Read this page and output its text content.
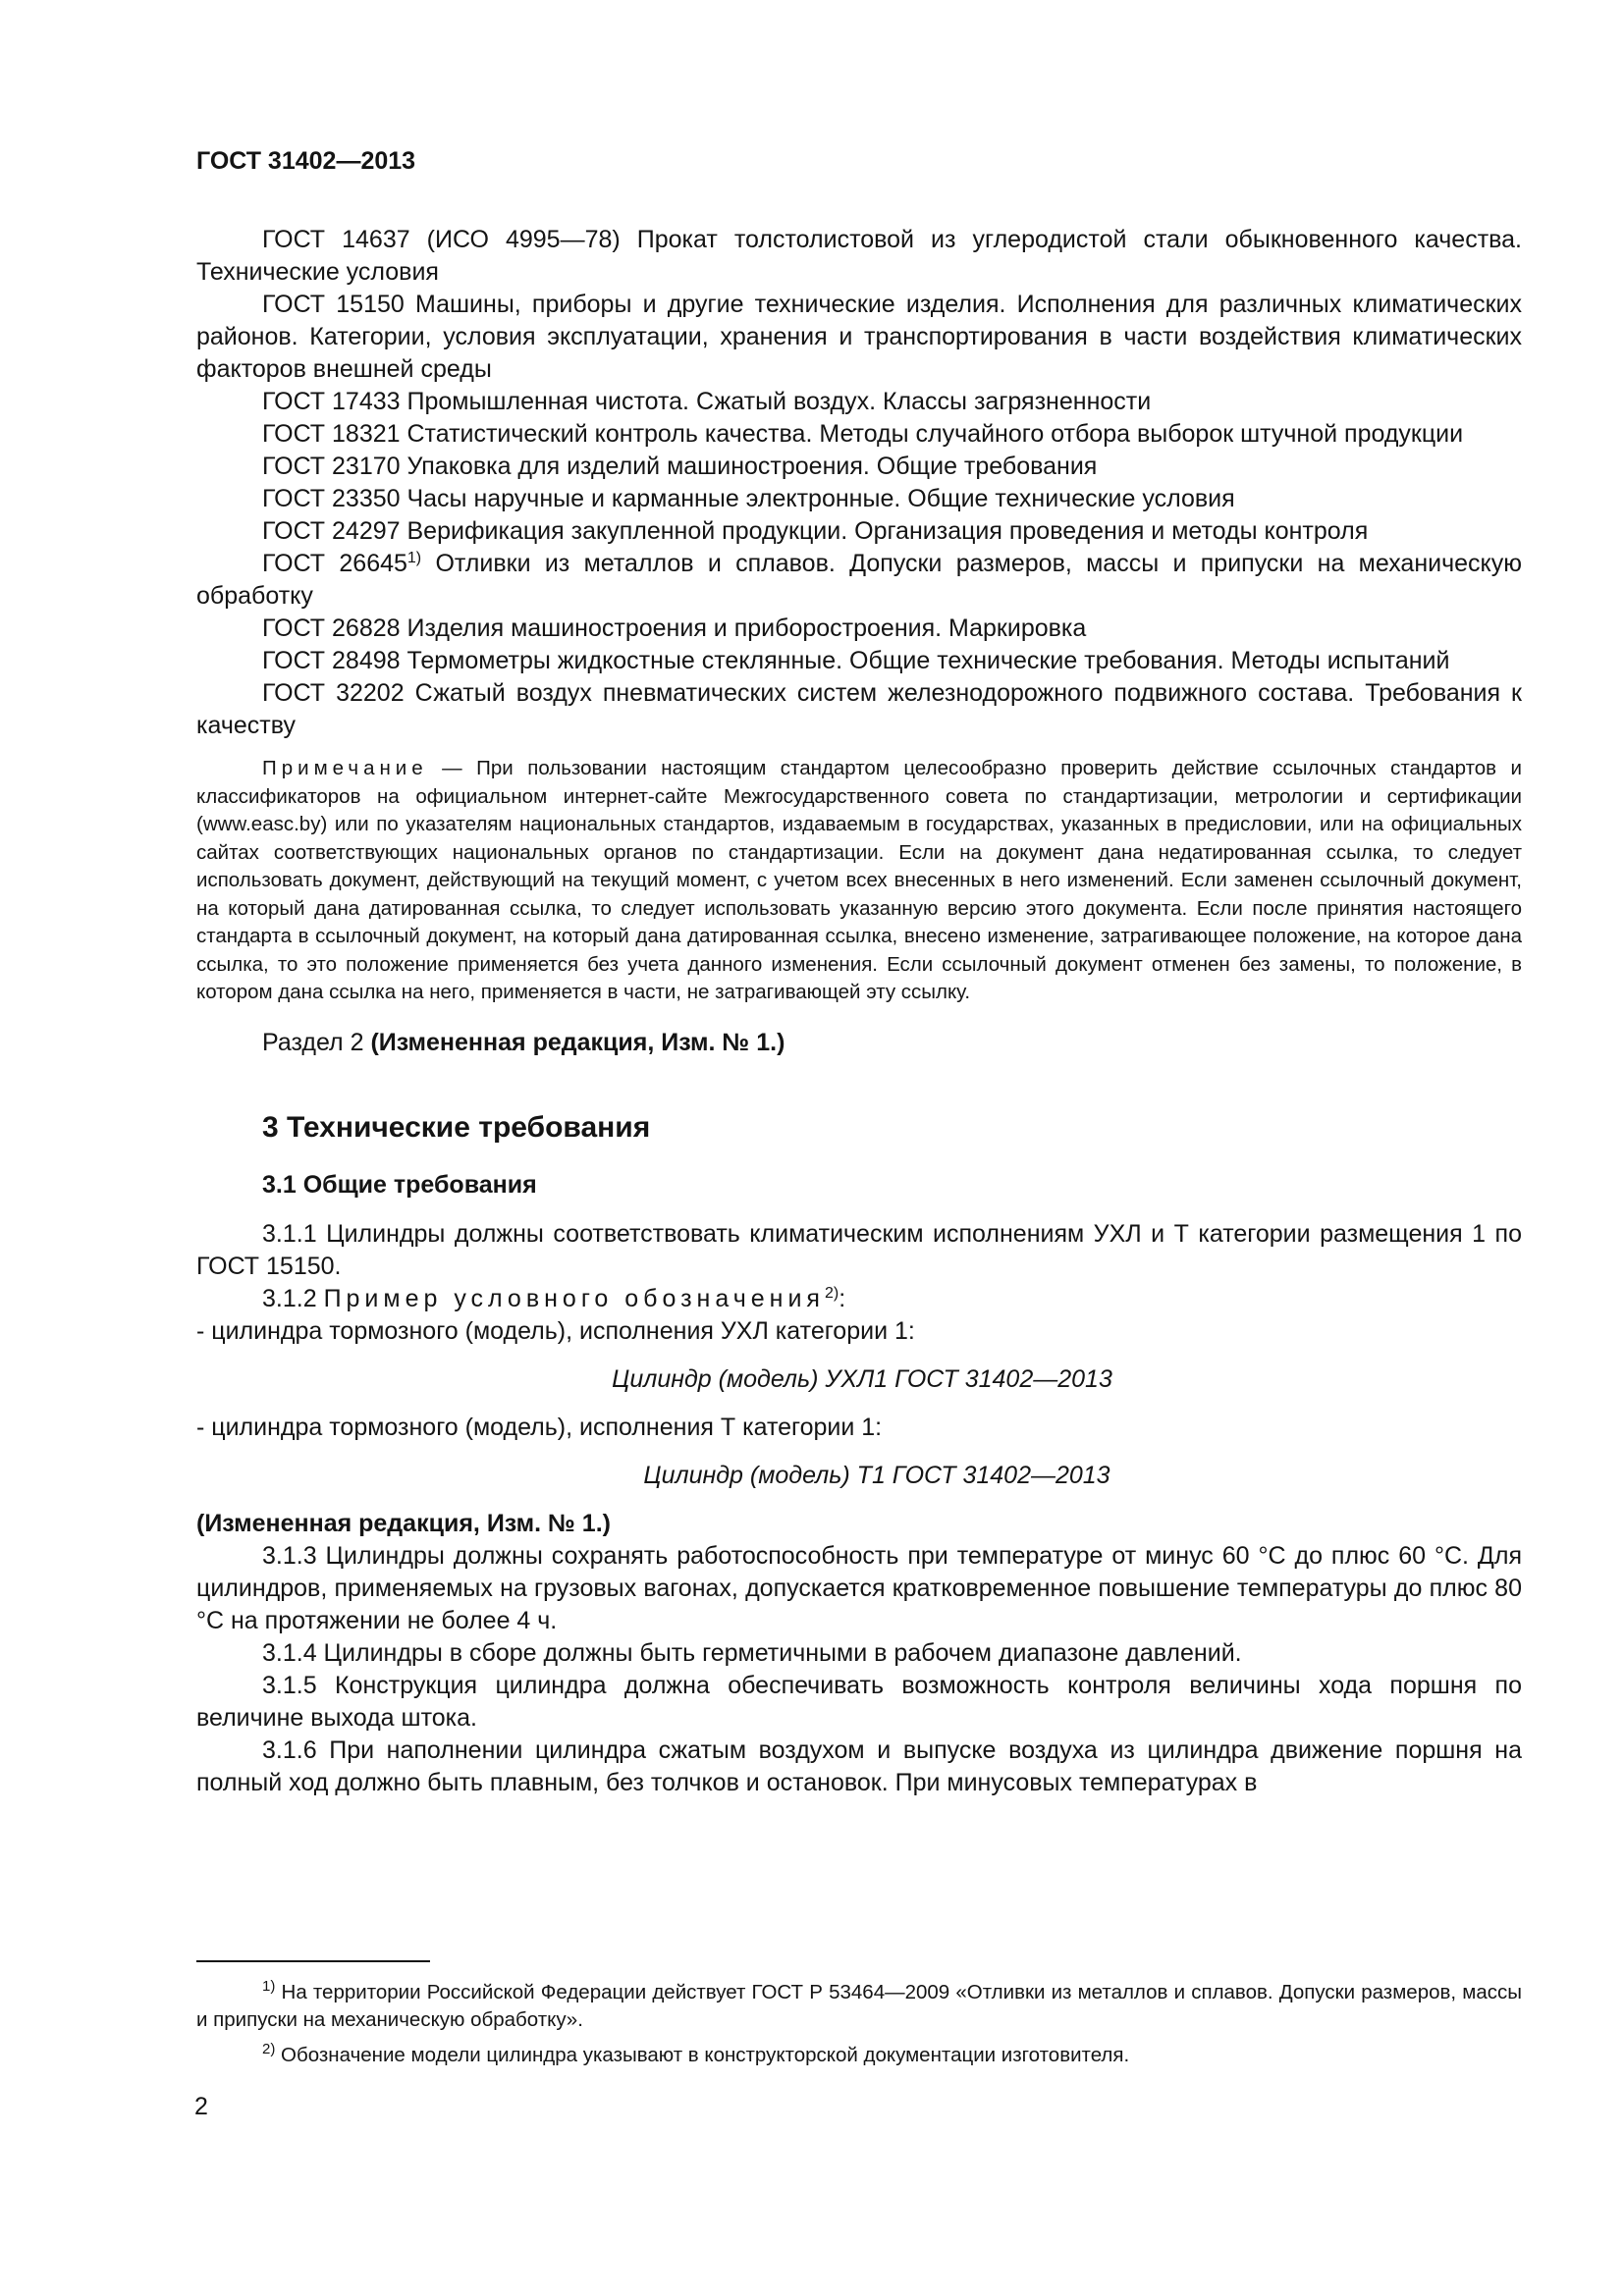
ГОСТ 31402—2013

ГОСТ 14637 (ИСО 4995—78) Прокат толстолистовой из углеродистой стали обыкновенного качества. Технические условия

ГОСТ 15150 Машины, приборы и другие технические изделия. Исполнения для различных климатических районов. Категории, условия эксплуатации, хранения и транспортирования в части воздействия климатических факторов внешней среды

ГОСТ 17433 Промышленная чистота. Сжатый воздух. Классы загрязненности

ГОСТ 18321 Статистический контроль качества. Методы случайного отбора выборок штучной продукции

ГОСТ 23170 Упаковка для изделий машиностроения. Общие требования

ГОСТ 23350 Часы наручные и карманные электронные. Общие технические условия

ГОСТ 24297 Верификация закупленной продукции. Организация проведения и методы контроля

ГОСТ 26645$^{1)}$ Отливки из металлов и сплавов. Допуски размеров, массы и припуски на механическую обработку

ГОСТ 26828 Изделия машиностроения и приборостроения. Маркировка

ГОСТ 28498 Термометры жидкостные стеклянные. Общие технические требования. Методы испытаний

ГОСТ 32202 Сжатый воздух пневматических систем железнодорожного подвижного состава. Требования к качеству

Примечание — При пользовании настоящим стандартом целесообразно проверить действие ссылочных стандартов и классификаторов на официальном интернет-сайте Межгосударственного совета по стандартизации, метрологии и сертификации (www.easc.by) или по указателям национальных стандартов, издаваемым в государствах, указанных в предисловии, или на официальных сайтах соответствующих национальных органов по стандартизации. Если на документ дана недатированная ссылка, то следует использовать документ, действующий на текущий момент, с учетом всех внесенных в него изменений. Если заменен ссылочный документ, на который дана датированная ссылка, то следует использовать указанную версию этого документа. Если после принятия настоящего стандарта в ссылочный документ, на который дана датированная ссылка, внесено изменение, затрагивающее положение, на которое дана ссылка, то это положение применяется без учета данного изменения. Если ссылочный документ отменен без замены, то положение, в котором дана ссылка на него, применяется в части, не затрагивающей эту ссылку.

Раздел 2 (Измененная редакция, Изм. № 1.)

3 Технические требования
3.1 Общие требования

3.1.1 Цилиндры должны соответствовать климатическим исполнениям УХЛ и Т категории размещения 1 по ГОСТ 15150.

3.1.2 Пример условного обозначения$^{2)}$:

- цилиндра тормозного (модель), исполнения УХЛ категории 1:

Цилиндр (модель) УХЛ1 ГОСТ 31402—2013

- цилиндра тормозного (модель), исполнения Т категории 1:

Цилиндр (модель) Т1 ГОСТ 31402—2013

(Измененная редакция, Изм. № 1.)

3.1.3 Цилиндры должны сохранять работоспособность при температуре от минус 60 °С до плюс 60 °С. Для цилиндров, применяемых на грузовых вагонах, допускается кратковременное повышение температуры до плюс 80 °С на протяжении не более 4 ч.

3.1.4 Цилиндры в сборе должны быть герметичными в рабочем диапазоне давлений.

3.1.5 Конструкция цилиндра должна обеспечивать возможность контроля величины хода поршня по величине выхода штока.

3.1.6 При наполнении цилиндра сжатым воздухом и выпуске воздуха из цилиндра движение поршня на полный ход должно быть плавным, без толчков и остановок. При минусовых температурах в

$^{1)}$ На территории Российской Федерации действует ГОСТ Р 53464—2009 «Отливки из металлов и сплавов. Допуски размеров, массы и припуски на механическую обработку».

$^{2)}$ Обозначение модели цилиндра указывают в конструкторской документации изготовителя.

2
